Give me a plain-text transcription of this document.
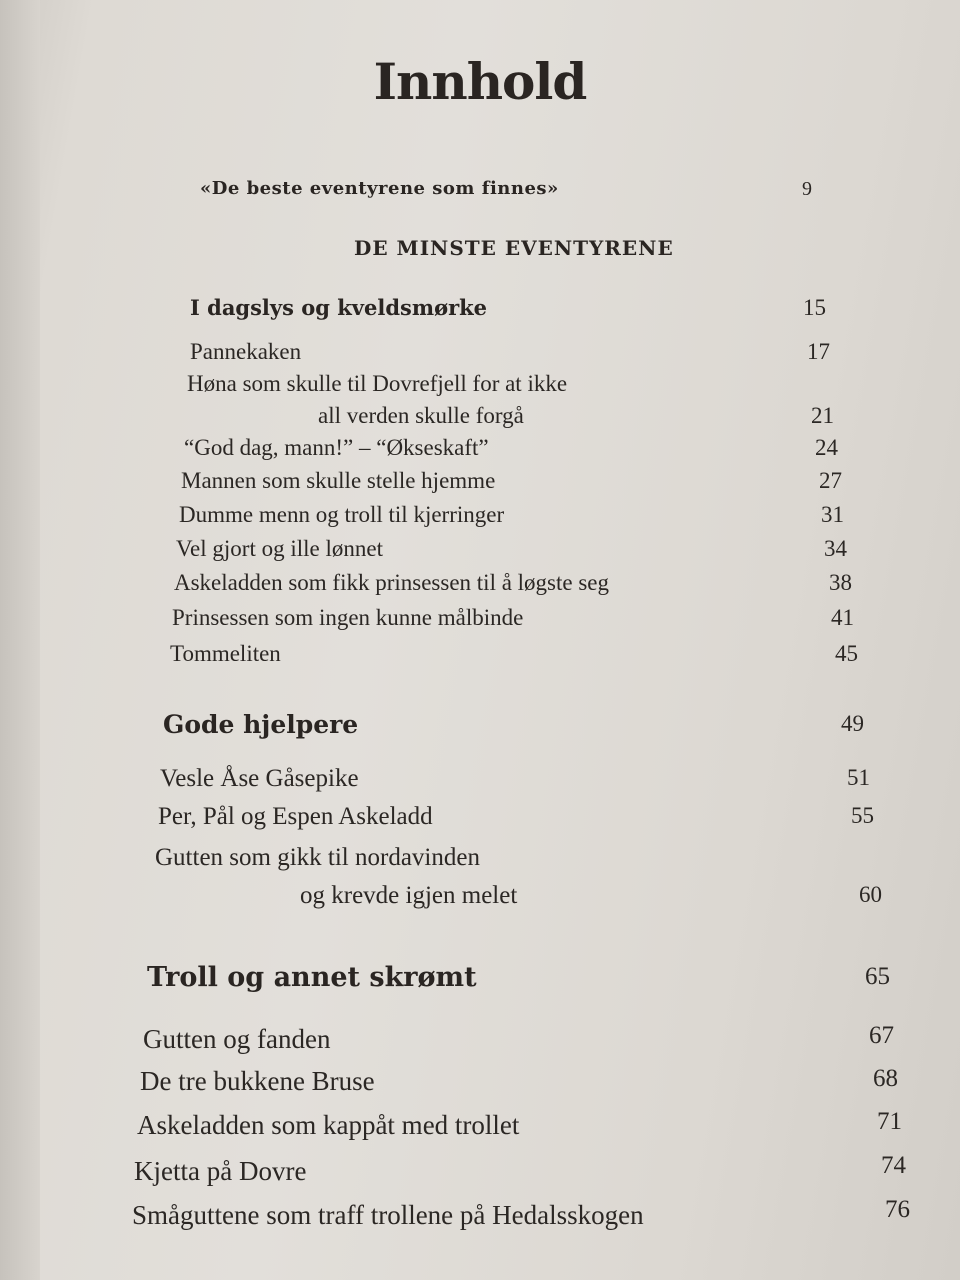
Innhold
«De beste eventyrene som finnes»	9
DE MINSTE EVENTYRENE
I dagslys og kveldsmørke	15
Pannekaken	17
Høna som skulle til Dovrefjell for at ikke
all verden skulle forgå	21
“God dag, mann!” – “Økseskaft”	24
Mannen som skulle stelle hjemme	27
Dumme menn og troll til kjerringer	31
Vel gjort og ille lønnet	34
Askeladden som fikk prinsessen til å løgste seg	38
Prinsessen som ingen kunne målbinde	41
Tommeliten	45
Gode hjelpere	49
Vesle Åse Gåsepike	51
Per, Pål og Espen Askeladd	55
Gutten som gikk til nordavinden
og krevde igjen melet	60
Troll og annet skrømt	65
Gutten og fanden	67
De tre bukkene Bruse	68
Askeladden som kappåt med trollet	71
Kjetta på Dovre	74
Småguttene som traff trollene på Hedalsskogen	76
